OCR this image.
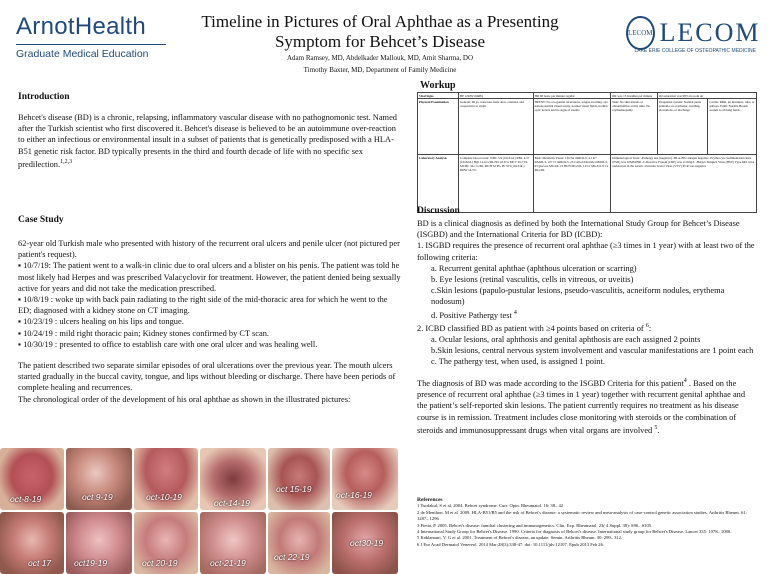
ArnotHealth
Graduate Medical Education
Timeline in Pictures of Oral Aphthae as a Presenting
Symptom for Behcet’s Disease
Adam Ramsey, MD, Abdelkader Mallouk, MD, Amit Sharma, DO
Timothy Baxter, MD, Department of Family Medicine
LECOM LECOM
LAKE ERIE COLLEGE OF OSTEOPATHIC MEDICINE
Introduction
Behcet's disease (BD) is a chronic, relapsing, inflammatory vascular disease with no pathognomonic test. Named after the Turkish scientist who first discovered it. Behcet's disease is believed to be an autoimmune over-reaction to either an infectious or environmental insult in a subset of patients that is genetically predisposed with a HLA-B51 genetic risk factor. BD typically presents in the third and fourth decade of life with no specific sex predilection.$^{1,2,3}$
Case Study
62-year old Turkish male who presented with history of the recurrent oral ulcers and penile ulcer (not pictured per patient's request).
▪ 10/7/19: The patient went to a walk-in clinic due to oral ulcers and a blister on his penis. The patient was told he most likely had Herpes and was prescribed Valacyclovir for treatment. However, the patient denied being sexually active for years and did not take the medication prescribed.
▪ 10/8/19 : woke up with back pain radiating to the right side of the mid-thoracic area for which he went to the ED; diagnosed with a kidney stone on CT imaging.
▪ 10/23/19 : ulcers healing on his lips and tongue.
▪ 10/24/19 : mild right thoracic pain; Kidney stones confirmed by CT scan.
▪ 10/30/19 : presented to office to establish care with one oral ulcer and was healing well.
The patient described two separate similar episodes of oral ulcerations over the previous year. The mouth ulcers started gradually in the buccal cavity, tongue, and lips without bleeding or discharge. There have been periods of complete healing and recurrences.
The chronological order of the development of his oral aphthae as shown in the illustrated pictures:
oct-8-19	oct 9-19	oct-10-19
oct-14-19
oct 15-19
oct-16-19
oct 17	oct19-19	oct 20-19	oct-21-19
oct 22-19
oct30-19
Workup
Vital Signs	BP 129/82 mmHg	HR 68 beats per minute regular	RR was 15 breathes per minute	O2 saturation was 98% in room air	
Physical Examination	General: 60 yo conscious male alert, oriented, and cooperative to exam.	HEENT: No oro-genital ulcerations, tongue swelling, eye lesions,normal visual acuity, normal visual fields, normal optic nerves and no signs of uveitis	Skin: No skin lesions or abnormalities at this time. No erythemaopathy	Urogenital system: Normal penis genitalia, no erythema, swelling, ulcerations, or discharge.	Cardio: RRR, no murmurs, rubs, or gallops. Pulm: Normal Breath sounds to all lung fields.
Laboratory Analysis	Complete blood count: WBC 5.9 (10x3/uL) RBC 4.57 (10x6/uL) Hgb 14.6 G/DL Hct 43.8 % MCV 95.7 FL MCHC 34.1 G/DL MCH 32 PG Plt 353 (10x3/uL) RDW 14.5%	Basic Metabolic Panel: 139 Na mMOL/L 4.1 K+ mMOL/L 107 Cl mMOL/L 23 Carbon Dioxide mMOL/L 93 glucose MG/DL 19 BUN MG/DL 1.0 Cr MG/DL 9 Ca MG/DL	Immunological Tests: -Pathergy test (negative) -HLA-B51 antigen negative -Erythrocyte Sedimentation Rate (ESR) was 10MM/HR -C-Reactive Protein (CRP) was 11.0mg/L -Herpes Simplex Virus (HSV) Type I&2 were undetected in the serum -Varicella Zoster Virus (VZV) PCR was negative		
Discussion
BD is a clinical diagnosis as defined by both the International Study Group for Behcet’s Disease (ISGBD) and the International Criteria for BD (ICBD):
1. ISGBD requires the presence of recurrent oral aphthae (≥3 times in 1 year) with at least two of the following criteria:
a. Recurrent genital aphthae (aphthous ulceration or scarring)
b. Eye lesions (retinal vasculitis, cells in vitreous, or uveitis)
c.Skin lesions (papulo-pustular lesions, pseudo-vasculitis, acneiform nodules, erythema nodosum)
d. Positive Pathergy test $^4$
2. ICBD classified BD as patient with ≥4 points based on criteria of $^6$:
a. Ocular lesions, oral aphthosis and genital aphthosis are each assigned 2 points
b.Skin lesions, central nervous system involvement and vascular manifestations are 1 point each
c. The pathergy test, when used, is assigned 1 point.
The diagnosis of BD was made according to the ISGBD Criteria for this patient$^4$ . Based on the presence of recurrent oral aphthae (≥3 times in 1 year) together with recurrent genital aphthae and the patient’s self-reported skin lesions. The patient currently requires no treatment as his disease course is in remission. Treatment includes close monitoring with steroids or the combination of steroids and immunosuppressant drugs when vital organs are involved $^5$.
References
1 Yurdakul, S et al. 2004. Behcet syndrome. Curr. Opin. Rheumatol. 16: 38– 42
2 de Menthon, M et al. 2009. HLA-B51/B5 and the risk of Behcet's disease: a systematic review and meta-analysis of case-control genetic association studies. Arthritis Rheum. 61: 1287– 1296
3 Fietta, P. 2005. Behcet's disease: familial clustering and immunogenetics. Clin. Exp. Rheumatol. 23( 4 Suppl. 38): S96– S105.
4 International Study Group for Behcet's Disease. 1990. Criteria for diagnosis of Behcet's disease. International study group for Behcet's Disease. Lancet 335: 1078– 1080.
5 Kaklamani, V. G et al. 2001. Treatment of Behcet's disease–an update. Semin. Arthritis Rheum. 30: 299– 312.
6 J Eur Acad Dermatol Venereol. 2014 Mar;28(3):338-47. doi: 10.1111/jdv.12107. Epub 2013 Feb 26.
